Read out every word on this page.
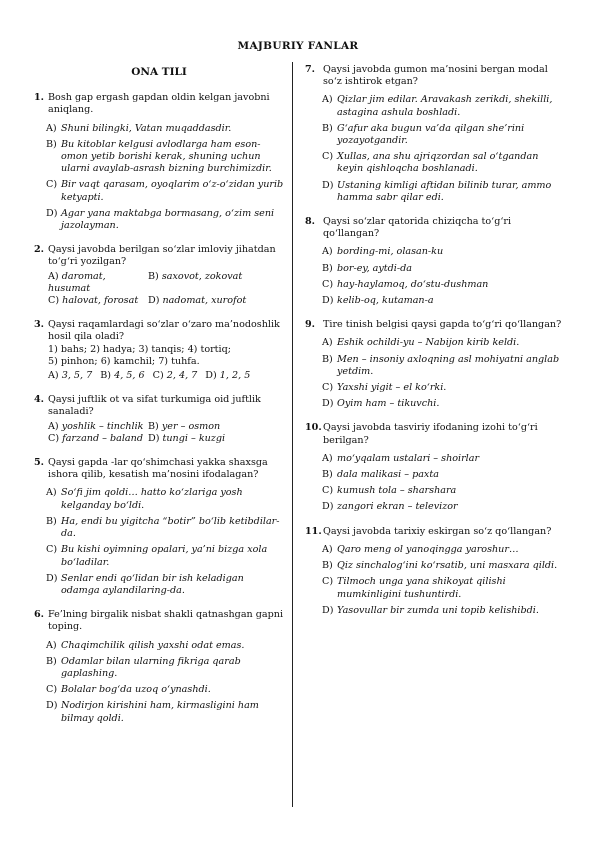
MAJBURIY FANLAR
ONA TILI
1. Bosh gap ergash gapdan oldin kelgan javobni aniqlang.
A) Shuni bilingki, Vatan muqaddasdir.
B) Bu kitoblar kelgusi avlodlarga ham eson-omon yetib borishi kerak, shuning uchun ularni avaylab-asrash bizning burchimizdir.
C) Bir vaqt qarasam, oyoqlarim o‘z-o‘zidan yurib ketyapti.
D) Agar yana maktabga bormasang, o‘zim seni jazolayman.
2. Qaysi javobda berilgan so‘zlar imloviy jihatdan to‘g‘ri yozilgan?
A) daromat, husumat
B) saxovot, zokovat
C) halovat, forosat	D) nadomat, xurofot
3. Qaysi raqamlardagi so‘zlar o‘zaro ma’nodoshlik hosil qila oladi?
1) bahs; 2) hadya; 3) tanqis; 4) tortiq;
5) pinhon; 6) kamchil; 7) tuhfa.
A) 3, 5, 7 B) 4, 5, 6 C) 2, 4, 7 D) 1, 2, 5
4. Qaysi juftlik ot va sifat turkumiga oid juftlik sanaladi?
A) yoshlik – tinchlik B) yer – osmon
C) farzand – baland D) tungi – kuzgi
5. Qaysi gapda -lar qo‘shimchasi yakka shaxsga ishora qilib, kesatish ma’nosini ifodalagan?
A) So‘fi jim qoldi… hatto ko‘zlariga yosh kelganday bo‘ldi.
B) Ha, endi bu yigitcha “botir” bo‘lib ketibdilar-da.
C) Bu kishi oyimning opalari, ya’ni bizga xola bo‘ladilar.
D) Senlar endi qo‘lidan bir ish keladigan odamga aylandilaring-da.
6. Fe’lning birgalik nisbat shakli qatnashgan gapni toping.
A) Chaqimchilik qilish yaxshi odat emas.
B) Odamlar bilan ularning fikriga qarab gaplashing.
C) Bolalar bog‘da uzoq o‘ynashdi.
D) Nodirjon kirishini ham, kirmasligini ham bilmay qoldi.
7. Qaysi javobda gumon ma’nosini bergan modal so‘z ishtirok etgan?
A) Qizlar jim edilar. Aravakash zerikdi, shekilli, astagina ashula boshladi.
B) G‘afur aka bugun va’da qilgan she’rini yozayotgandir.
C) Xullas, ana shu ajriqzordan sal o‘tgandan keyin qishloqcha boshlanadi.
D) Ustaning kimligi aftidan bilinib turar, ammo hamma sabr qilar edi.
8. Qaysi so‘zlar qatorida chiziqcha to‘g‘ri qo‘llangan?
A) bording-mi, olasan-ku
B) bor-ey, aytdi-da
C) hay-haylamoq, do‘stu-dushman
D) kelib-oq, kutaman-a
9. Tire tinish belgisi qaysi gapda to‘g‘ri qo‘llangan?
A) Eshik ochildi-yu – Nabijon kirib keldi.
B) Men – insoniy axloqning asl mohiyatni anglab yetdim.
C) Yaxshi yigit – el ko‘rki.
D) Oyim ham – tikuvchi.
10. Qaysi javobda tasviriy ifodaning izohi to‘g‘ri berilgan?
A) mo‘yqalam ustalari – shoirlar
B) dala malikasi – paxta
C) kumush tola – sharshara
D) zangori ekran – televizor
11. Qaysi javobda tarixiy eskirgan so‘z qo‘llangan?
A) Qaro meng ol yanoqingga yaroshur…
B) Qiz sinchalog‘ini ko‘rsatib, uni masxara qildi.
C) Tilmoch unga yana shikoyat qilishi mumkinligini tushuntirdi.
D) Yasovullar bir zumda uni topib kelishibdi.
